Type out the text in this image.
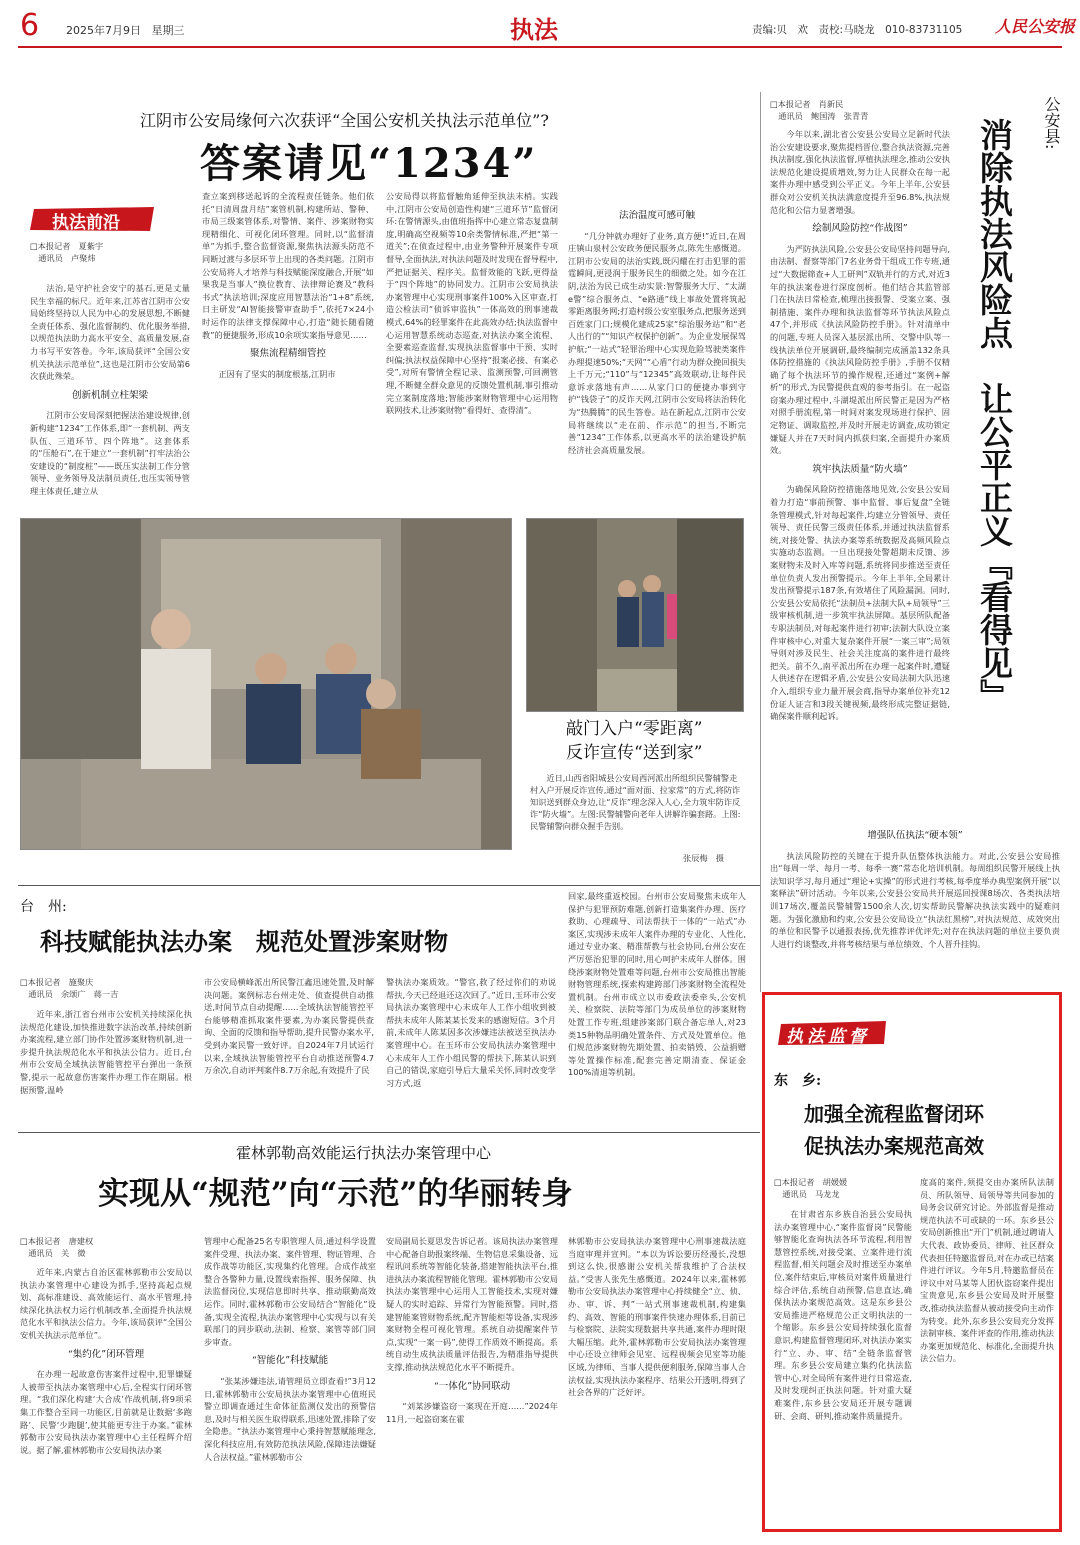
6 2025年7月9日 星期三	执法	责编:贝　欢　责校:马晓龙　010-83731105 人民公安报
江阴市公安局缘何六次获评“全国公安机关执法示范单位”?
答案请见“1234”
执法前沿
□本报记者　夏紫宇
　通讯员　卢聚炜

法治,是守护社会安宁的基石,更是丈量民生幸福的标尺。近年来,江苏省江阴市公安局始终坚持以人民为中心的发展思想,不断健全责任体系、强化监督制约、优化服务举措,以规范执法助力高水平安全、高质量发展,奋力书写平安答卷。今年,该局获评“全国公安机关执法示范单位”,这也是江阴市公安局第6次获此殊荣。

创新机制立柱架梁

江阴市公安局深刻把握法治建设规律,创新构建“1234”工作体系,即“一套机制、两支队伍、三道环节、四个阵地”。这套体系的“压舱石”,在于建立“一套机制”打牢法治公安建设的“制度桩”——既压实法制工作分管领导、业务领导及法制员责任,也压实领导管理主体责任,建立从

查立案到移送起诉的全流程责任链条。他们依托“日清周盘月结”案管机制,构建所站、警种、市局三级案管体系,对警情、案件、涉案财物实现精细化、可视化闭环管理。同时,以“监督清单”为抓手,整合监督资源,聚焦执法源头防范不同断过渡与多层环节上出现的各类问题。江阴市公安局将人才培养与科技赋能深度融合,开展“如果我是当事人”换位教育、法律辩论赛及“教科书式”执法培训;深度应用智慧法治“1+8”系统,日主研发“AI智能接警审查助手”,依托7×24小时运作的法律支撑保障中心,打造“随长随看随教”的便捷服务,形成10余项实案指导意见……

聚焦流程精细管控

正因有了坚实的制度根基,江阴市

公安局得以将监督触角延伸至执法末梢。实践中,江阴市公安局创造性构建“三道环节”监督闭环:在警情源头,由值班指挥中心建立常态复盘制度,明确高空视频等10余类警情标准,严把“第一道关”;在侦查过程中,由业务警种开展案件专项督导,全面执法,对执法问题及时发现在督导程中,严把证据关、程序关。监督效能的飞跃,更得益于“四个阵地”的协同发力。江阴市公安局执法办案管理中心实现刑事案件100%入区审查,打造公检法司“侦诉审监执”一体高效的刑事速裁模式,64%的轻罪案件在此高效办结;执法监督中心运用智慧系统动态巡查,对执法办案全流程、全要素巡查监督,实现执法监督事中干预、实时纠偏;执法权益保障中心坚持“报案必接、有案必受”,对所有警情全程记录、监测预警,可回溯管理,不断健全群众意见的反馈处置机制,事引推动完立案制度落地;智能涉案财物管理中心运用物联网技术,让涉案财物“看得好、查得清”。

法治温度可感可触

“几分钟就办理好了业务,真方便!”近日,在周庄镇山泉村公安政务便民服务点,陈先生感慨道。江阴市公安局的法治实践,既闪耀在打击犯罪的雷霆瞬间,更浸润于服务民生的细微之处。如今在江阴,法治为民已成生动实景:智警服务大厅、“太湖e警”综合服务点、“e路通”线上事故处置将筑起零距离服务网;打造村级公安室服务点,把服务送到百姓家门口;规模化建成25家“综治服务站”和“老人出行的”“知识产权保护创新”。为企业发展保驾护航;“一站式”轻罪治理中心实现危险驾驶类案件办理提速50%;“天网”“心盾”行动为群众挽回损失上千万元;“110”与“12345”高效联动,让每件民意诉求落地有声……从家门口的便捷办事到守护“钱袋子”的反诈天网,江阴市公安局将法治转化为“热腾腾”的民生答卷。站在新起点,江阴市公安局将继续以“走在前、作示范”的担当,不断完善“1234”工作体系,以更高水平的法治建设护航经济社会高质量发展。

□本报记者　肖新民
　通讯员　鲍国涛　张青青	公安县:
消除执法风险点　让公平正义『看得见』

今年以来,湖北省公安县公安局立足新时代法治公安建设要求,聚焦提档晋位,整合执法资源,完善执法制度,强化执法监督,厚植执法理念,推动公安执法规范化建设提质增效,努力让人民群众在每一起案件办理中感受到公平正义。今年上半年,公安县群众对公安机关执法满意度提升至96.8%,执法规范化和公信力显著增强。

绘制风险防控“作战图”

为严防执法风险,公安县公安局坚持问题导向,由法制、督察等部门7名业务骨干组成工作专班,通过“大数据筛查+人工研判”双轨并行的方式,对近3年的执法案卷进行深度剖析。他们结合其监管部门在执法日常检查,梳理出接报警、受案立案、强制措施、案件办理和执法监督等环节执法风险点47个,并形成《执法风险防控手册》。针对清单中的问题,专班人员深入基层派出所、交警中队等一线执法单位开展调研,最终编制完成涵盖132条具体防控措施的《执法风险防控手册》,手册不仅精确了每个执法环节的操作规程,还通过“案例+解析”的形式,为民警提供直观的参考指引。在一起盗窃案办理过程中,斗湖堤派出所民警正是因为严格对照手册流程,第一时间对案发现场进行保护、固定物证、调取监控,并及时开展走访调查,成功锁定嫌疑人并在7天时间内抓获归案,全面提升办案质效。

筑牢执法质量“防火墙”

为确保风险防控措施落地见效,公安县公安局着力打造“事前预警、事中监督、事后复盘”全链条管理模式,针对每起案件,均建立分管领导、责任领导、责任民警三级责任体系,并通过执法监督系统,对接处警、执法办案等系统数据及高频风险点实施动态监测。一旦出现接处警超期未反馈、涉案财物未及时入库等问题,系统将同步推送至责任单位负责人发出预警提示。今年上半年,全局累计发出预警提示187条,有效堵住了风险漏洞。同时,公安县公安局依托“法制员+法制大队+局领导”三级审核机制,进一步筑牢执法屏障。基层所队配备专职法制员,对每起案件进行初审;法制大队设立案件审核中心,对重大复杂案件开展“一案三审”;局领导则对涉及民生、社会关注度高的案件进行最终把关。前不久,南平派出所在办理一起案件时,遭疑人供述存在逻辑矛盾,公安县公安局法制大队迅速介入,组织专业力量开展会商,指导办案单位补充12份证人证言和3段关键视频,最终形成完整证据链,确保案件顺利起诉。

增强队伍执法“硬本领”

执法风险防控的关键在于提升队伍整体执法能力。对此,公安县公安局推出“每周一学、每月一考、每季一赛”常态化培训机制。每周组织民警开展线上执法知识学习,每月通过“理论+实操”的形式进行考核,每季度举办典型案例开展“以案释法”研讨活动。今年以来,公安县公安局共开展巡回授课8场次、各类执法培训17场次,覆盖民警辅警1500余人次,切实帮助民警解决执法实践中的疑难问题。为强化激励和约束,公安县公安局设立“执法红黑榜”,对执法规范、成效突出的单位和民警予以通报表扬,优先推荐评优评先;对存在执法问题的单位主要负责人进行约谈整改,并将考核结果与单位绩效、个人晋升挂钩。

敲门入户“零距离”
反诈宣传“送到家”
近日,山西省阳城县公安局西河派出所组织民警辅警走村入户开展反诈宣传,通过“面对面、拉家常”的方式,将防诈知识送到群众身边,让“反诈”理念深入人心,全力筑牢防诈反诈“防火墙”。左图:民警辅警向老年人讲解诈骗套路。上图:民警辅警向群众握手告别。
张辰梅　摄
台　州:
科技赋能执法办案　规范处置涉案财物
□本报记者　施聚庆
　通讯员　余颂广　蒋一吉

近年来,浙江省台州市公安机关持续深化执法规范化建设,加快推进数字法治改革,持续创新办案流程,建立部门协作处置涉案财物机制,进一步提升执法规范化水平和执法公信力。近日,台州市公安局全域执法智能管控平台弹出一条预警,提示一起故意伤害案件办理工作在期届。根据预警,温岭

市公安局横峰派出所民警江鑫迅速处置,及时解决问题。案例标志台州走处、侦查提供自动推送,时间节点自动提醒……全域执法智能管控平台能够精准抓取案件要素,为办案民警提供查询、全面的反馈和指导帮助,提升民警办案水平,受到办案民警一致好评。自2024年7月试运行以来,全域执法智能管控平台自动推送预警4.7万余次,自动评判案件8.7万余起,有效提升了民

警执法办案质效。“警官,救了经过你们的劝说帮扶,今天已经退还这次回了。”近日,玉环市公安局执法办案管理中心未成年人工作小组收到被帮扶未成年人陈某某长发来的感谢短信。3个月前,未成年人陈某因多次涉嫌违法被送至执法办案管理中心。在玉环市公安局执法办案管理中心未成年人工作小组民警的帮扶下,陈某认识到自己的错误,家庭引导后大量采关怀,同时改变学习方式,返

回家,最终重返校园。台州市公安局聚焦未成年人保护与犯罪预防难题,创新打造集案件办理、医疗救助、心理疏导、司法帮扶于一体的“一站式”办案区,实现涉未成年人案件办理的专业化、人性化,通过专业办案、精准帮教与社会协同,台州公安在严厉惩治犯罪的同时,用心呵护未成年人群体。围绕涉案财物处置难等问题,台州市公安局推出智能财物管理系统,探索构建跨部门涉案财物全流程处置机制。台州市成立以市委政法委牵头,公安机关、检察院、法院等部门为成员单位的涉案财物处置工作专班,组建涉案部门联合备忘单人,对23类15种物品明确处置条件、方式及处置单位。他们规范涉案财物先期处置、拍卖销毁、公益捐赠等处置操作标准,配套完善定期清查、保证金100%清退等机制。

霍林郭勒高效能运行执法办案管理中心
实现从“规范”向“示范”的华丽转身
□本报记者　唐建权
　通讯员　关　微

近年来,内蒙古自治区霍林郭勒市公安局以执法办案管理中心建设为抓手,坚持高起点规划、高标准建设、高效能运行、高水平管理,持续深化执法权力运行机制改革,全面提升执法规范化水平和执法公信力。今年,该局获评“全国公安机关执法示范单位”。

“集约化”闭环管理

在办理一起故意伤害案件过程中,犯罪嫌疑人被带至执法办案管理中心后,全程实行闭环管理。“我们深化构建‘大合成’作战机制,将9项采集工作整合至同一功能区,目前就是让数据‘多跑路’、民警‘少跑腿’,使其能更专注于办案。”霍林郭勒市公安局执法办案管理中心主任程辉介绍说。据了解,霍林郭勒市公安局执法办案

管理中心配备25名专职管理人员,通过科学设置案件受理、执法办案、案件管理、物证管理、合成作战等功能区,实现集约化管理。合成作战室整合各警种力量,设置线索指挥、服务保障、执法监督岗位,实现信息即时共享、推动联勤高效运作。同时,霍林郭勒市公安局结合“智能化”设备,实现全流程,执法办案管理中心实现与以有关联部门的同步联动,法制、检察、案管等部门同步审查。

“智能化”科技赋能

“张某涉嫌违法,请管理员立即查看!”3月12日,霍林郭勒市公安局执法办案管理中心值班民警立即调查通过生命体征监测仪发出的预警信息,及时与相关医生取得联系,迅速处置,排除了安全隐患。“执法办案管理中心秉持智慧赋能理念,深化科技应用,有效防范执法风险,保障违法嫌疑人合法权益。”霍林郭勒市公

安局副局长夏思发告诉记者。该局执法办案管理中心配备自助报案终端、生物信息采集设备、远程讯问系统等智能化装备,搭建智能执法平台,推进执法办案流程智能化管理。霍林郭勒市公安局执法办案管理中心运用人工智能技术,实现对嫌疑人的实时追踪、异常行为智能预警。同时,搭建智能案管财物系统,配齐智能柜等设备,实现涉案财物全程可视化管理。系统自动提醒案件节点,实现“一案一码”,使得工作质效不断提高。系统自动生成执法质量评估报告,为精准指导提供支撑,推动执法规范化水平不断提升。

“一体化”协同联动

“刘某涉嫌盗窃一案现在开庭……”2024年11月,一起盗窃案在霍

林郭勒市公安局执法办案管理中心刑事速裁法庭当庭审理并宣判。“本以为诉讼要历经漫长,没想到这么快,很感谢公安机关帮我维护了合法权益。”受害人张先生感慨道。2024年以来,霍林郭勒市公安局执法办案管理中心持续健全“立、侦、办、审、诉、判”一站式刑事速裁机制,构建集约、高效、智能的刑事案件快速办理体系,目前已与检察院、法院实现数据共享共通,案件办理时限大幅压缩。此外,霍林郭勒市公安局执法办案管理中心还设立律师会见室、远程视频会见室等功能区域,为律师、当事人提供便利服务,保障当事人合法权益,实现执法办案程序、结果公开透明,得到了社会各界的广泛好评。

执法监督
东　乡:
加强全流程监督闭环
促执法办案规范高效
□本报记者　胡媛媛
　通讯员　马龙龙

在甘肃省东乡族自治县公安局执法办案管理中心,“案件监督岗”民警能够智能化查询执法各环节流程,利用智慧管控系统,对接受案、立案件进行流程监督,相关问题会及时推送至办案单位,案件结束后,审核员对案件质量进行综合评估,系统自动预警,信息直达,确保执法办案规范高效。这是东乡县公安局推进严格规范公正文明执法的一个缩影。东乡县公安局持续强化监督意识,构建监督管理闭环,对执法办案实行“立、办、审、结”全链条监督管理。东乡县公安局建立集约化执法监管中心,对全局所有案件进行日常巡查,及时发现纠正执法问题。针对重大疑难案件,东乡县公安局还开展专题调研、会商、研判,推动案件质量提升。

度高的案件,须提交由办案所队法制员、所队领导、局领导等共同参加的局务会议研究讨论。外部监督是推动规范执法不可或缺的一环。东乡县公安局创新推出“开门”机制,通过聘请人大代表、政协委员、律师、社区群众代表担任特邀监督员,对在办或已结案件进行评议。今年5月,特邀监督员在评议中对马某等人团伙盗窃案件提出宝贵意见,东乡县公安局及时开展整改,推动执法监督从被动接受向主动作为转变。此外,东乡县公安局充分发挥法制审核、案件评查的作用,推动执法办案更加规范化、标准化,全面提升执法公信力。
